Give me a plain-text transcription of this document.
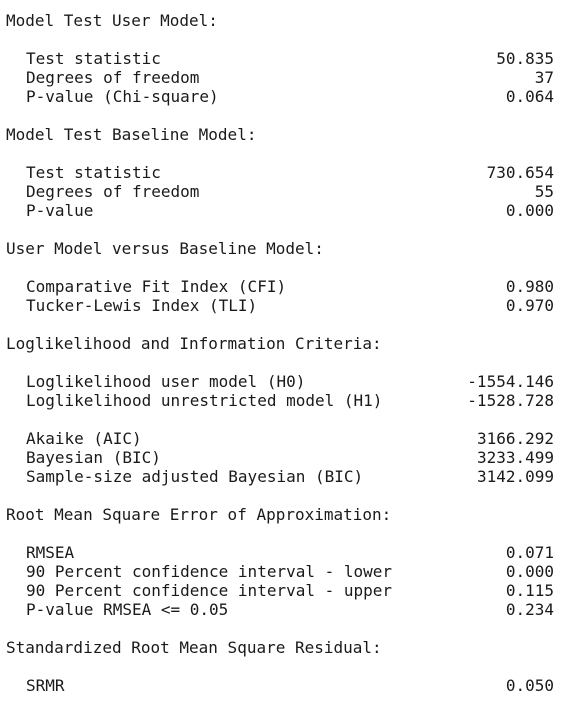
Model Test User Model:
Test statistic	50.835
Degrees of freedom	37
P-value (Chi-square)	0.064
Model Test Baseline Model:
Test statistic	730.654
Degrees of freedom	55
P-value	0.000
User Model versus Baseline Model:
Comparative Fit Index (CFI)	0.980
Tucker-Lewis Index (TLI)	0.970
Loglikelihood and Information Criteria:
Loglikelihood user model (H0)	-1554.146
Loglikelihood unrestricted model (H1)	-1528.728
Akaike (AIC)	3166.292
Bayesian (BIC)	3233.499
Sample-size adjusted Bayesian (BIC)	3142.099
Root Mean Square Error of Approximation:
RMSEA	0.071
90 Percent confidence interval - lower	0.000
90 Percent confidence interval - upper	0.115
P-value RMSEA <= 0.05	0.234
Standardized Root Mean Square Residual:
SRMR	0.050
